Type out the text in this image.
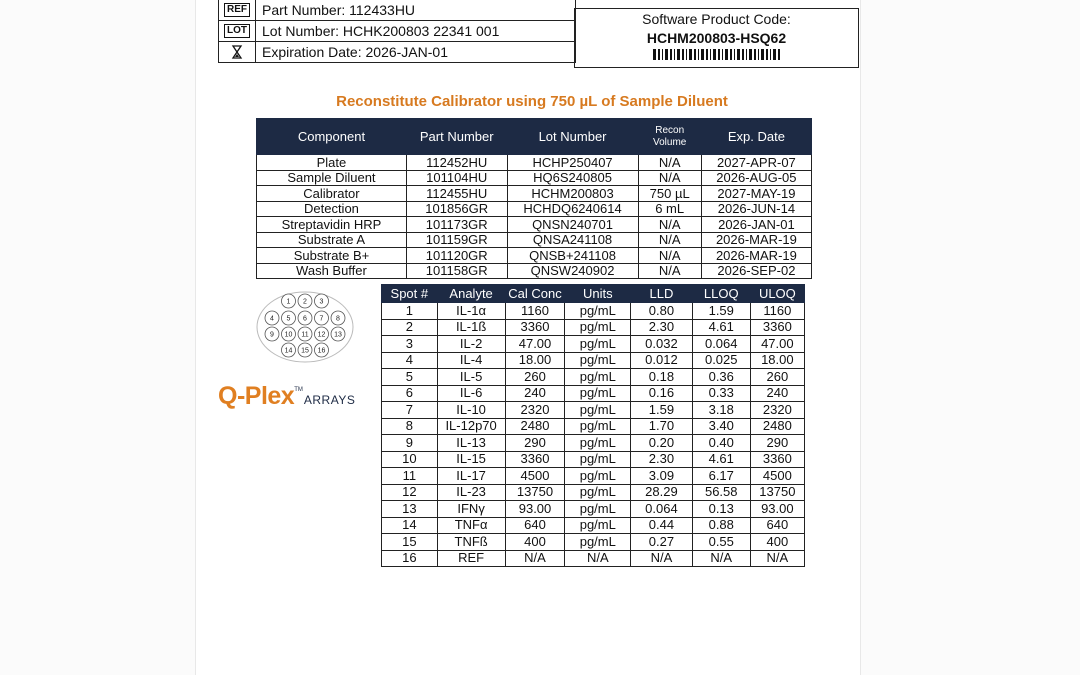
REF	Part Number: 112433HU
LOT	Lot Number: HCHK200803 22341 001
Expiration Date: 2026-JAN-01
Software Product Code:
HCHM200803-HSQ62
Reconstitute Calibrator using 750 µL of Sample Diluent
Component	Part Number	Lot Number	Recon Volume	Exp. Date
Plate	112452HU	HCHP250407	N/A	2027-APR-07
Sample Diluent	101104HU	HQ6S240805	N/A	2026-AUG-05
Calibrator	112455HU	HCHM200803	750 µL	2027-MAY-19
Detection	101856GR	HCHDQ6240614	6 mL	2026-JUN-14
Streptavidin HRP	101173GR	QNSN240701	N/A	2026-JAN-01
Substrate A	101159GR	QNSA241108	N/A	2026-MAR-19
Substrate B+	101120GR	QNSB+241108	N/A	2026-MAR-19
Wash Buffer	101158GR	QNSW240902	N/A	2026-SEP-02
1 2 3
4 5 6 7 8
9 10 11 12 13
14 15 16
Q-Plex TM
ARRAYS
Spot #	Analyte	Cal Conc	Units	LLD	LLOQ	ULOQ
1	IL-1α	1160	pg/mL	0.80	1.59	1160
2	IL-1ß	3360	pg/mL	2.30	4.61	3360
3	IL-2	47.00	pg/mL	0.032	0.064	47.00
4	IL-4	18.00	pg/mL	0.012	0.025	18.00
5	IL-5	260	pg/mL	0.18	0.36	260
6	IL-6	240	pg/mL	0.16	0.33	240
7	IL-10	2320	pg/mL	1.59	3.18	2320
8	IL-12p70	2480	pg/mL	1.70	3.40	2480
9	IL-13	290	pg/mL	0.20	0.40	290
10	IL-15	3360	pg/mL	2.30	4.61	3360
11	IL-17	4500	pg/mL	3.09	6.17	4500
12	IL-23	13750	pg/mL	28.29	56.58	13750
13	IFNγ	93.00	pg/mL	0.064	0.13	93.00
14	TNFα	640	pg/mL	0.44	0.88	640
15	TNFß	400	pg/mL	0.27	0.55	400
16	REF	N/A	N/A	N/A	N/A	N/A
